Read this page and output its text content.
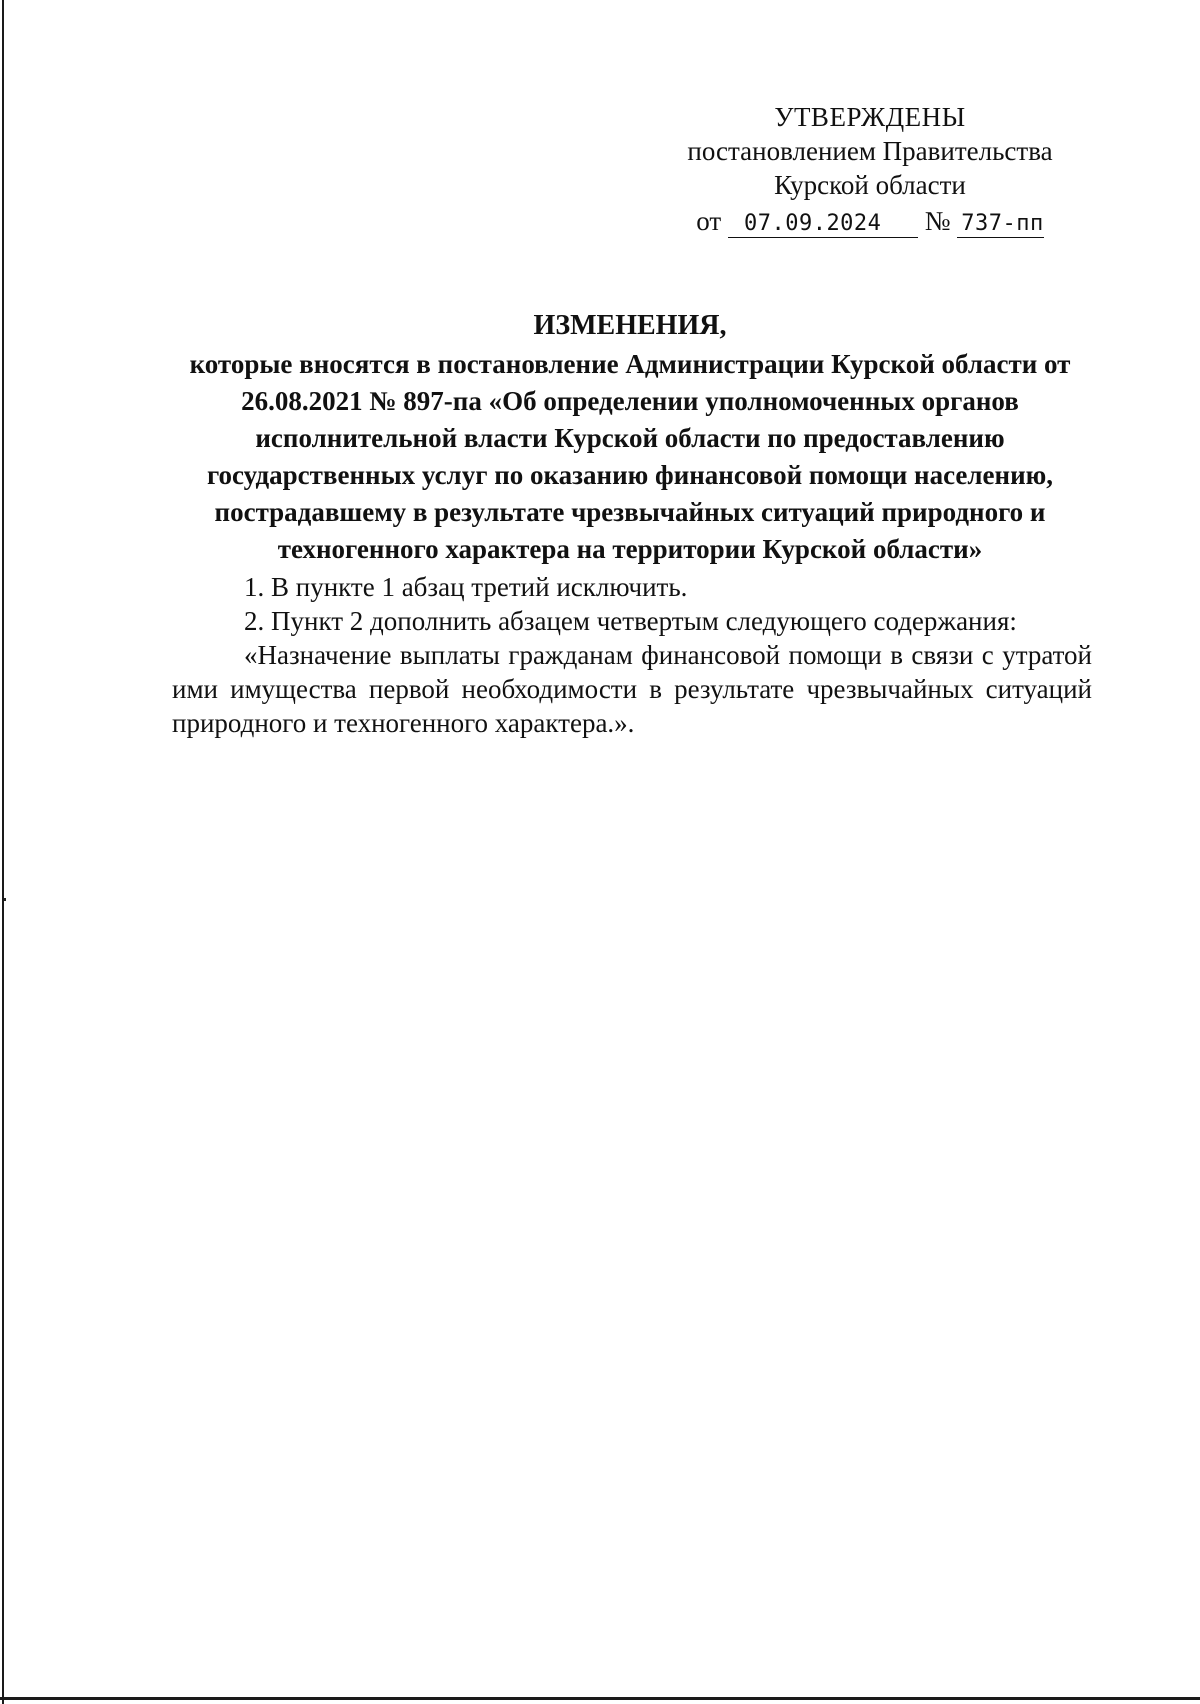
УТВЕРЖДЕНЫ
постановлением Правительства
Курской области
от 07.09.2024 № 737-пп
ИЗМЕНЕНИЯ,
которые вносятся в постановление Администрации Курской области от 26.08.2021 № 897-па «Об определении уполномоченных органов исполнительной власти Курской области по предоставлению государственных услуг по оказанию финансовой помощи населению, пострадавшему в результате чрезвычайных ситуаций природного и техногенного характера на территории Курской области»

1. В пункте 1 абзац третий исключить.

2. Пункт 2 дополнить абзацем четвертым следующего содержания:

«Назначение выплаты гражданам финансовой помощи в связи с утратой ими имущества первой необходимости в результате чрезвычайных ситуаций природного и техногенного характера.».
